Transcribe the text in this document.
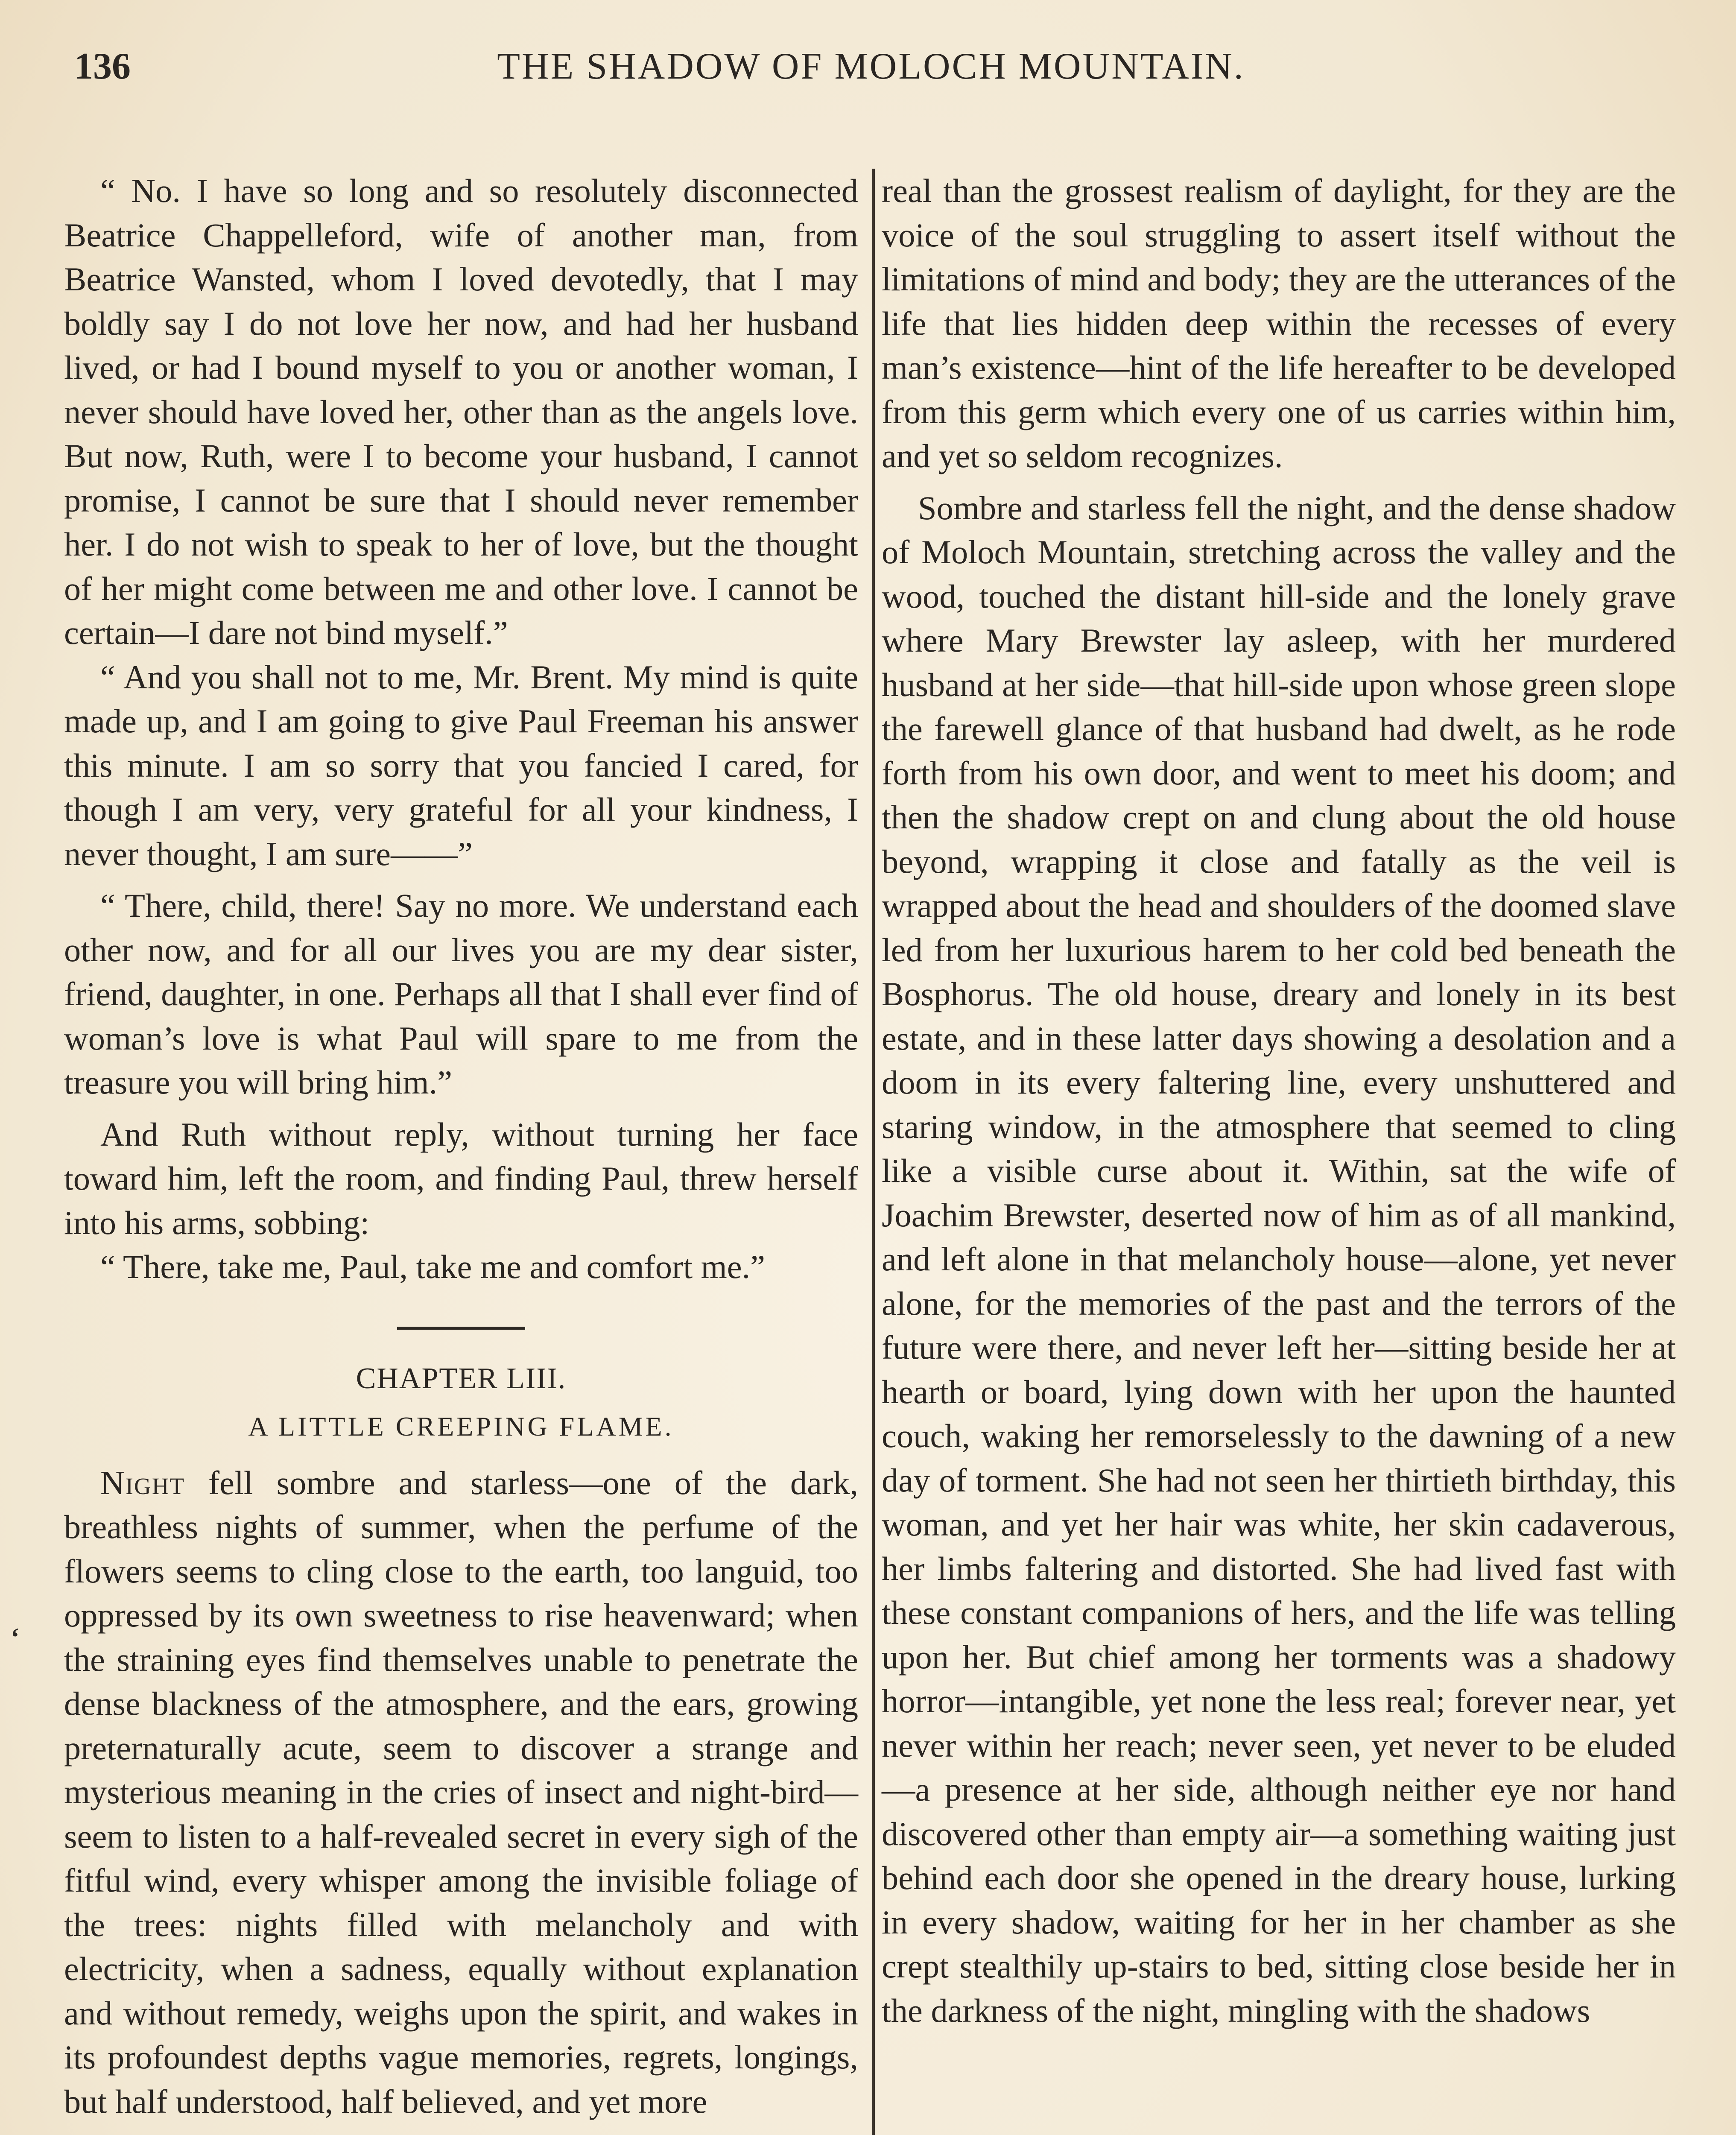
136	THE SHADOW OF MOLOCH MOUNTAIN.

“ No. I have so long and so resolutely disconnected Beatrice Chappelleford, wife of another man, from Beatrice Wansted, whom I loved devotedly, that I may boldly say I do not love her now, and had her husband lived, or had I bound myself to you or another woman, I never should have loved her, other than as the angels love. But now, Ruth, were I to become your husband, I cannot promise, I cannot be sure that I should never remember her. I do not wish to speak to her of love, but the thought of her might come between me and other love. I cannot be certain—I dare not bind myself.”

“ And you shall not to me, Mr. Brent. My mind is quite made up, and I am going to give Paul Freeman his answer this minute. I am so sorry that you fancied I cared, for though I am very, very grateful for all your kindness, I never thought, I am sure——”

“ There, child, there! Say no more. We understand each other now, and for all our lives you are my dear sister, friend, daughter, in one. Perhaps all that I shall ever find of woman’s love is what Paul will spare to me from the treasure you will bring him.”

And Ruth without reply, without turning her face toward him, left the room, and finding Paul, threw herself into his arms, sobbing:

“ There, take me, Paul, take me and comfort me.”

CHAPTER LIII.
A LITTLE CREEPING FLAME.

Night fell sombre and starless—one of the dark, breathless nights of summer, when the perfume of the flowers seems to cling close to the earth, too languid, too oppressed by its own sweetness to rise heavenward; when the straining eyes find themselves unable to penetrate the dense blackness of the atmosphere, and the ears, growing preternaturally acute, seem to discover a strange and mysterious meaning in the cries of insect and night-bird—seem to listen to a half-revealed secret in every sigh of the fitful wind, every whisper among the invisible foliage of the trees: nights filled with melancholy and with electricity, when a sadness, equally without explanation and without remedy, weighs upon the spirit, and wakes in its profoundest depths vague memories, regrets, longings, but half understood, half believed, and yet more

‘

real than the grossest realism of daylight, for they are the voice of the soul struggling to assert itself without the limitations of mind and body; they are the utterances of the life that lies hidden deep within the recesses of every man’s existence—hint of the life hereafter to be developed from this germ which every one of us carries within him, and yet so seldom recognizes.

Sombre and starless fell the night, and the dense shadow of Moloch Mountain, stretching across the valley and the wood, touched the distant hill-side and the lonely grave where Mary Brewster lay asleep, with her murdered husband at her side—that hill-side upon whose green slope the farewell glance of that husband had dwelt, as he rode forth from his own door, and went to meet his doom; and then the shadow crept on and clung about the old house beyond, wrapping it close and fatally as the veil is wrapped about the head and shoulders of the doomed slave led from her luxurious harem to her cold bed beneath the Bosphorus. The old house, dreary and lonely in its best estate, and in these latter days showing a desolation and a doom in its every faltering line, every unshuttered and staring window, in the atmosphere that seemed to cling like a visible curse about it. Within, sat the wife of Joachim Brewster, deserted now of him as of all mankind, and left alone in that melancholy house—alone, yet never alone, for the memories of the past and the terrors of the future were there, and never left her—sitting beside her at hearth or board, lying down with her upon the haunted couch, waking her remorselessly to the dawning of a new day of torment. She had not seen her thirtieth birthday, this woman, and yet her hair was white, her skin cadaverous, her limbs faltering and distorted. She had lived fast with these constant companions of hers, and the life was telling upon her. But chief among her torments was a shadowy horror—intangible, yet none the less real; forever near, yet never within her reach; never seen, yet never to be eluded—a presence at her side, although neither eye nor hand discovered other than empty air—a something waiting just behind each door she opened in the dreary house, lurking in every shadow, waiting for her in her chamber as she crept stealthily up-stairs to bed, sitting close beside her in the darkness of the night, mingling with the shadows
